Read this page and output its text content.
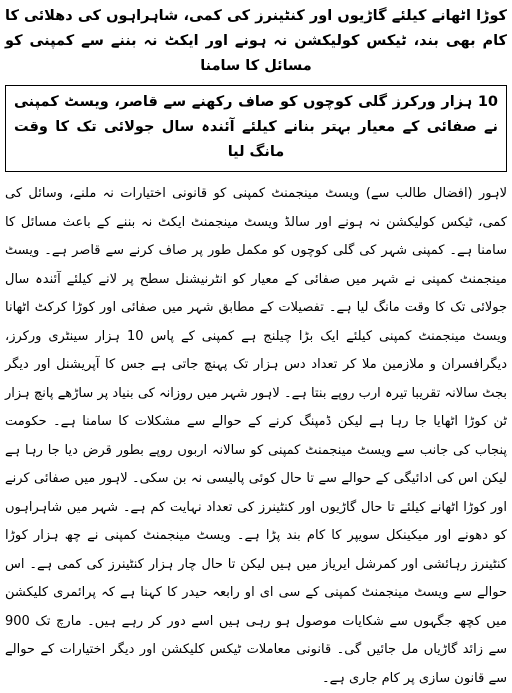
کوڑا اٹھانے کیلئے گاڑیوں اور کنٹینرز کی کمی، شاہراہوں کی دھلائی کا کام بھی بند، ٹیکس کولیکشن نہ ہونے اور ایکٹ نہ بننے سے کمپنی کو مسائل کا سامنا
10 ہزار ورکرز گلی کوچوں کو صاف رکھنے سے قاصر، ویسٹ کمپنی نے صفائی کے معیار بہتر بنانے کیلئے آئندہ سال جولائی تک کا وقت مانگ لیا

لاہور (افضال طالب سے) ویسٹ مینجمنٹ کمپنی کو قانونی اختیارات نہ ملنے، وسائل کی کمی، ٹیکس کولیکشن نہ ہونے اور سالڈ ویسٹ مینجمنٹ ایکٹ نہ بننے کے باعث مسائل کا سامنا ہے۔ کمپنی شہر کی گلی کوچوں کو مکمل طور پر صاف کرنے سے قاصر ہے۔ ویسٹ مینجمنٹ کمپنی نے شہر میں صفائی کے معیار کو انٹرنیشنل سطح پر لانے کیلئے آئندہ سال جولائی تک کا وقت مانگ لیا ہے۔ تفصیلات کے مطابق شہر میں صفائی اور کوڑا کرکٹ اٹھانا ویسٹ مینجمنٹ کمپنی کیلئے ایک بڑا چیلنج ہے کمپنی کے پاس 10 ہزار سینٹری ورکرز، دیگرافسران و ملازمین ملا کر تعداد دس ہزار تک پہنچ جاتی ہے جس کا آپریشنل اور دیگر بجٹ سالانہ تقریبا تیرہ ارب روپے بنتا ہے۔ لاہور شہر میں روزانہ کی بنیاد پر ساڑھے پانچ ہزار ٹن کوڑا اٹھایا جا رہا ہے لیکن ڈمپنگ کرنے کے حوالے سے مشکلات کا سامنا ہے۔ حکومت پنجاب کی جانب سے ویسٹ مینجمنٹ کمپنی کو سالانہ اربوں روپے بطور قرض دیا جا رہا ہے لیکن اس کی ادائیگی کے حوالے سے تا حال کوئی پالیسی نہ بن سکی۔ لاہور میں صفائی کرنے اور کوڑا اٹھانے کیلئے تا حال گاڑیوں اور کنٹینرز کی تعداد نہایت کم ہے۔ شہر میں شاہراہوں کو دھونے اور میکینکل سویپر کا کام بند پڑا ہے۔ ویسٹ مینجمنٹ کمپنی نے چھ ہزار کوڑا کنٹینرز رہائشی اور کمرشل ایریاز میں ہیں لیکن تا حال چار ہزار کنٹینرز کی کمی ہے۔ اس حوالے سے ویسٹ مینجمنٹ کمپنی کے سی ای او رابعہ حیدر کا کہنا ہے کہ پرائمری کلیکشن میں کچھ جگہوں سے شکایات موصول ہو رہی ہیں اسے دور کر رہے ہیں۔ مارچ تک 900 سے زائد گاڑیاں مل جائیں گی۔ قانونی معاملات ٹیکس کلیکشن اور دیگر اختیارات کے حوالے سے قانون سازی پر کام جاری ہے۔
